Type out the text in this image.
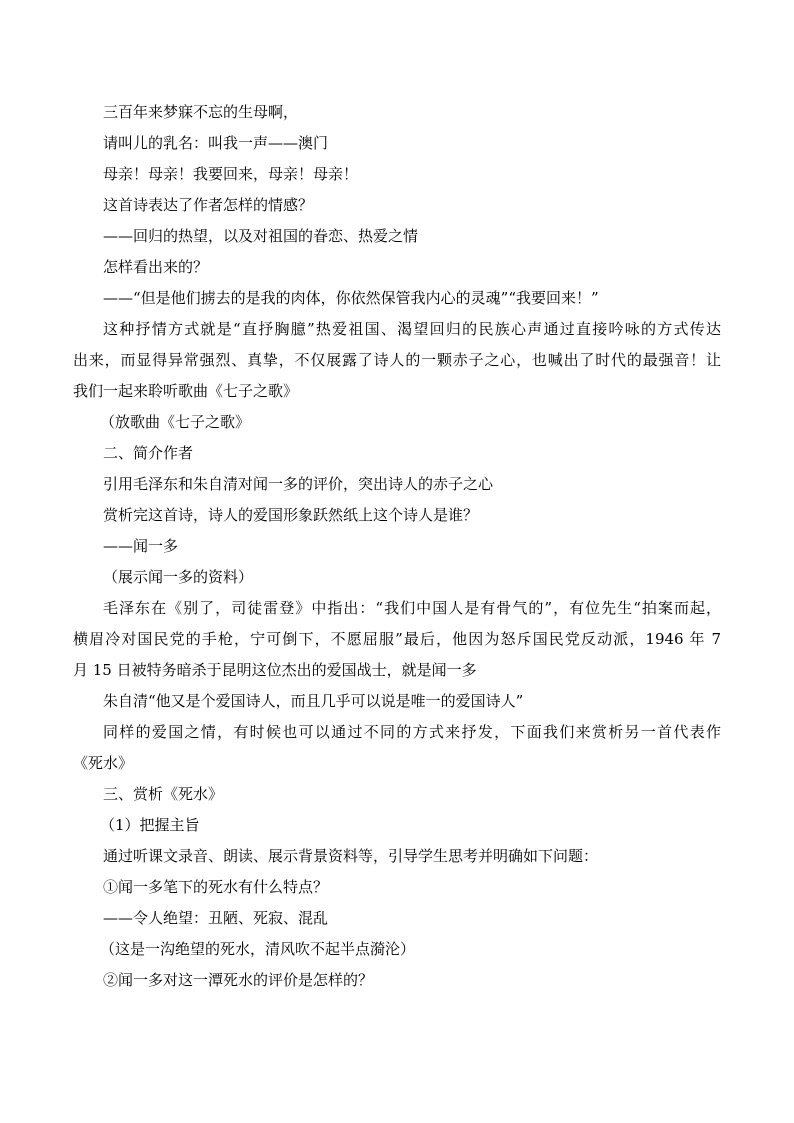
三百年来梦寐不忘的生母啊，
请叫儿的乳名：叫我一声——澳门
母亲！母亲！我要回来，母亲！母亲！
这首诗表达了作者怎样的情感？
——回归的热望，以及对祖国的眷恋、热爱之情
怎样看出来的？
——“但是他们掳去的是我的肉体，你依然保管我内心的灵魂”“我要回来！”
这种抒情方式就是“直抒胸臆”热爱祖国、渴望回归的民族心声通过直接吟咏的方式传达
出来，而显得异常强烈、真挚，不仅展露了诗人的一颗赤子之心，也喊出了时代的最强音！让
我们一起来聆听歌曲《七子之歌》
（放歌曲《七子之歌》
二、简介作者
引用毛泽东和朱自清对闻一多的评价，突出诗人的赤子之心
赏析完这首诗，诗人的爱国形象跃然纸上这个诗人是谁？
——闻一多
（展示闻一多的资料）
毛泽东在《别了，司徒雷登》中指出：“我们中国人是有骨气的”，有位先生“拍案而起，
横眉冷对国民党的手枪，宁可倒下，不愿屈服”最后，他因为怒斥国民党反动派，1946 年 7
月 15 日被特务暗杀于昆明这位杰出的爱国战士，就是闻一多
朱自清“他又是个爱国诗人，而且几乎可以说是唯一的爱国诗人”
同样的爱国之情，有时候也可以通过不同的方式来抒发，下面我们来赏析另一首代表作
《死水》
三、赏析《死水》
（1）把握主旨
通过听课文录音、朗读、展示背景资料等，引导学生思考并明确如下问题：
①闻一多笔下的死水有什么特点？
——令人绝望：丑陋、死寂、混乱
（这是一沟绝望的死水，清风吹不起半点漪沦）
②闻一多对这一潭死水的评价是怎样的？
